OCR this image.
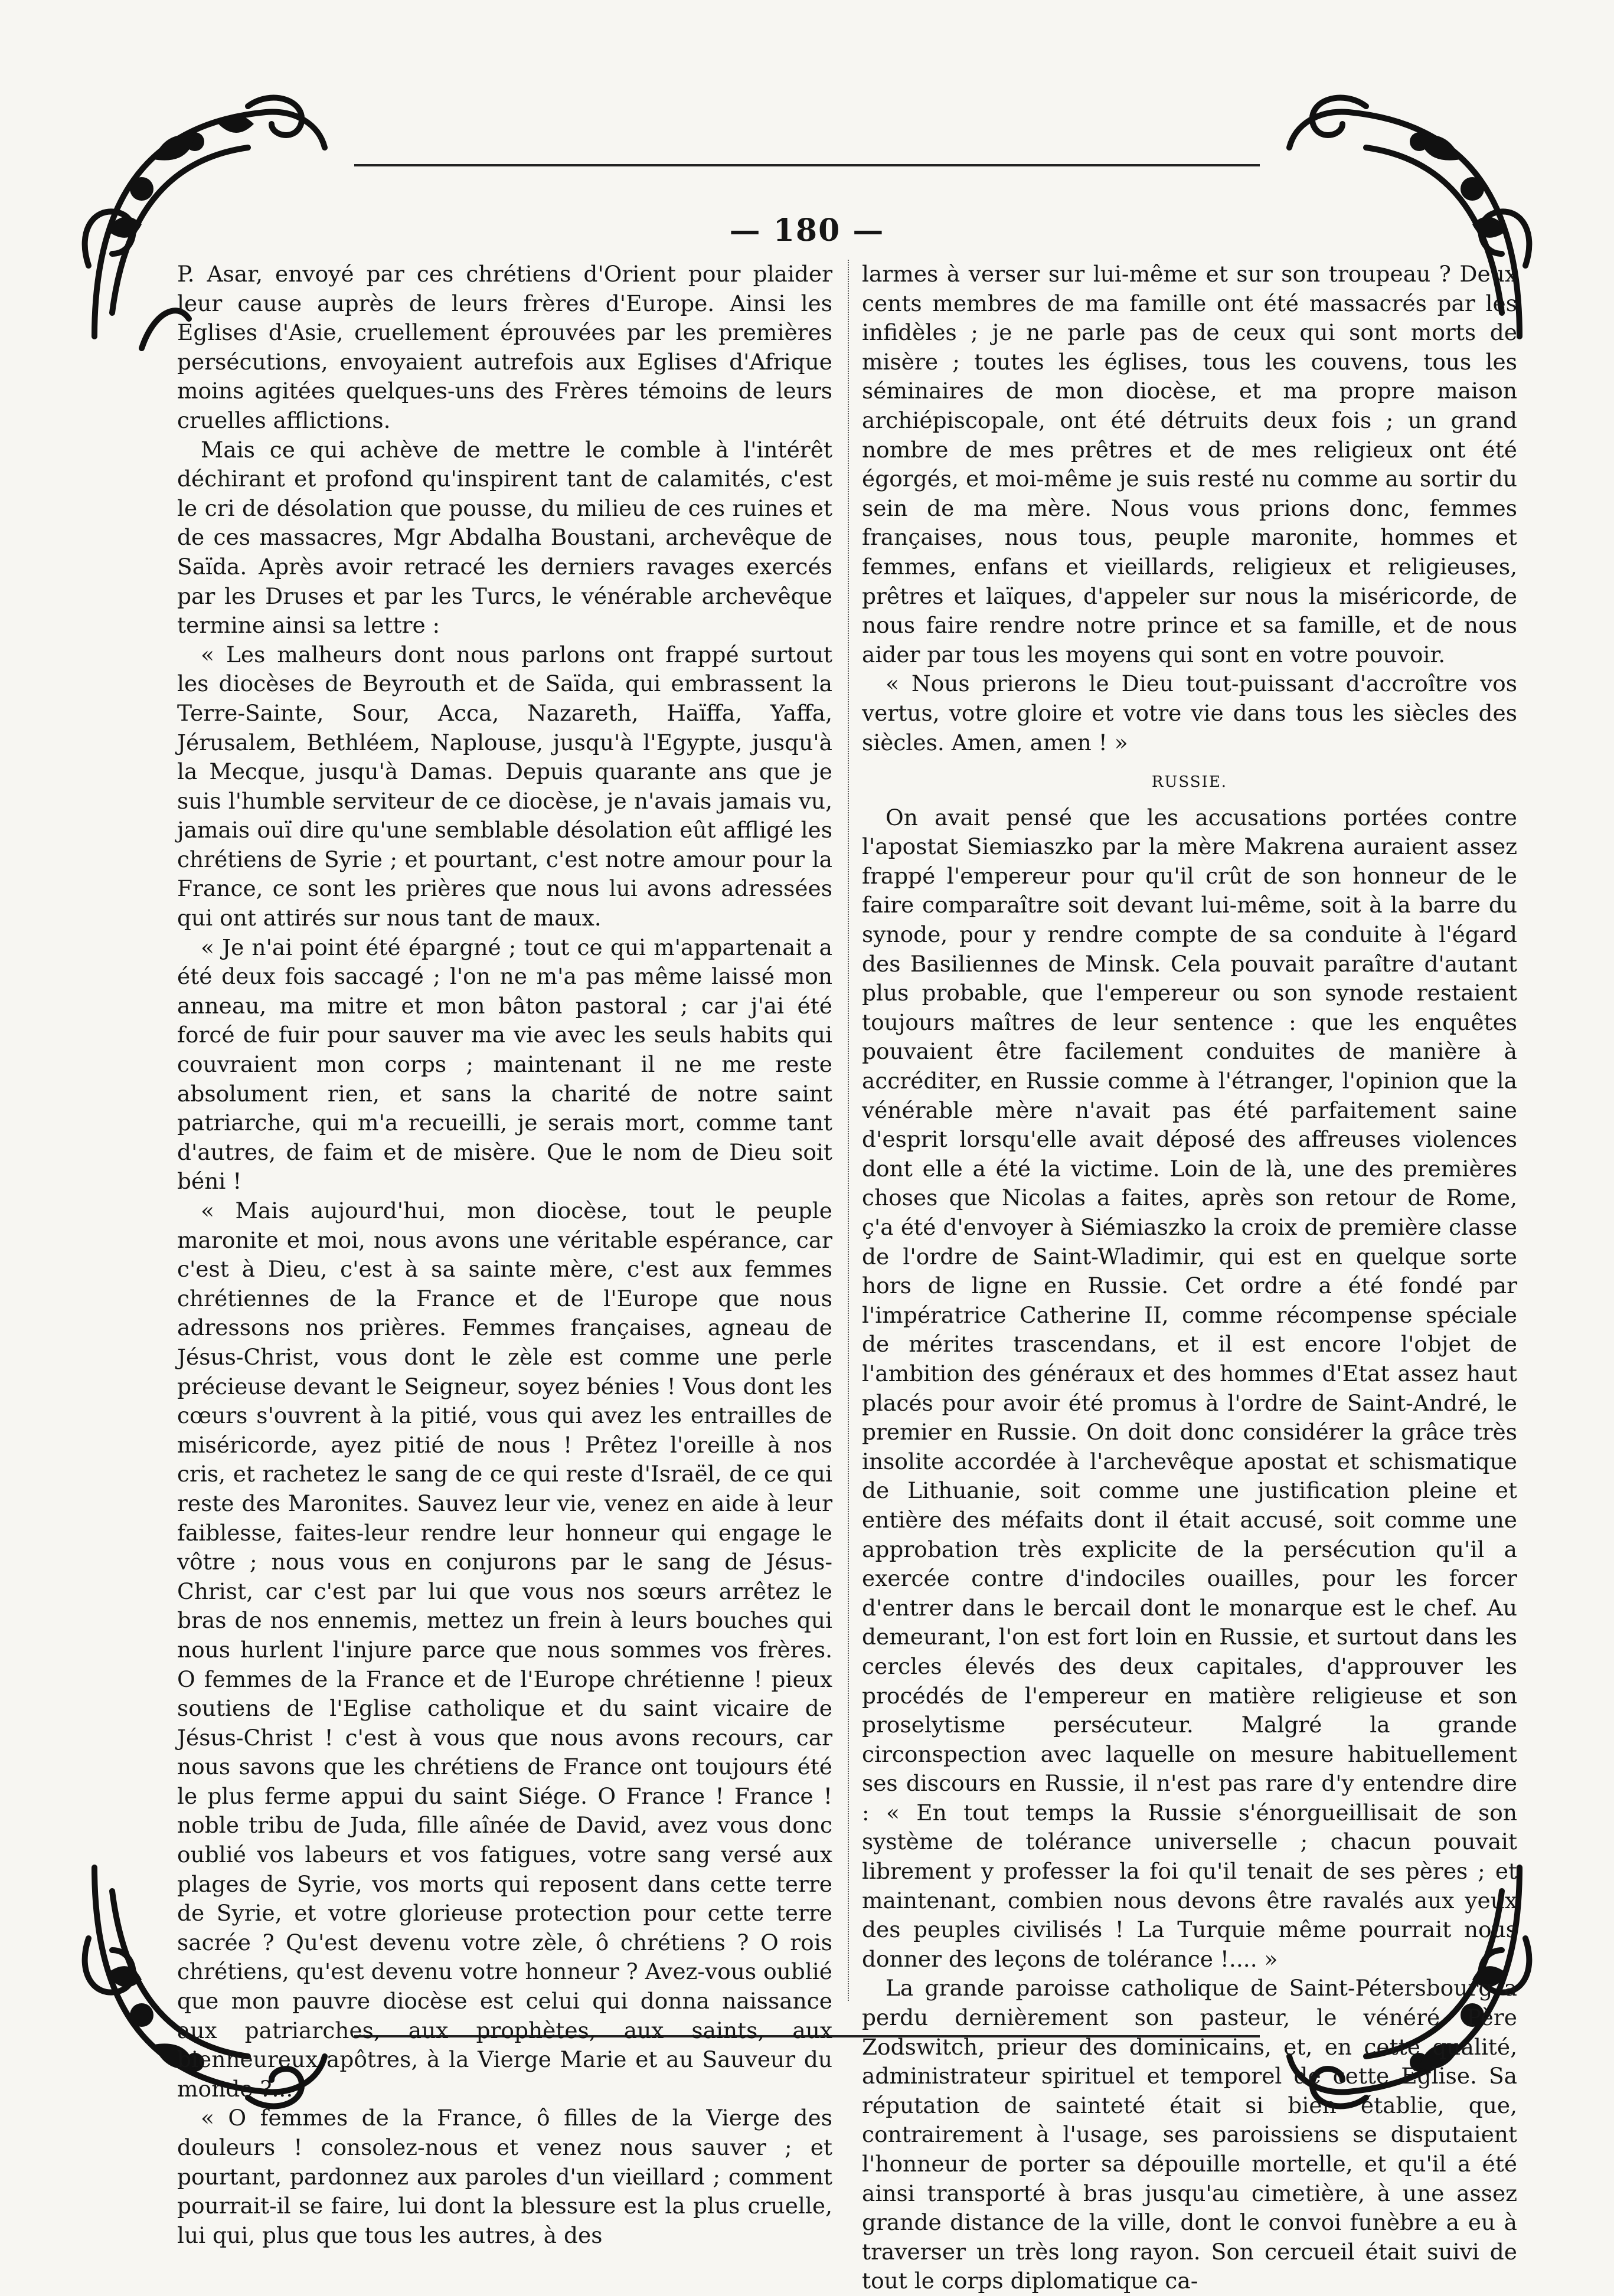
— 180 —

P. Asar, envoyé par ces chrétiens d'Orient pour plaider leur cause auprès de leurs frères d'Europe. Ainsi les Eglises d'Asie, cruellement éprouvées par les premières persécutions, envoyaient autrefois aux Eglises d'Afrique moins agitées quelques-uns des Frères témoins de leurs cruelles afflictions.

Mais ce qui achève de mettre le comble à l'intérêt déchirant et profond qu'inspirent tant de calamités, c'est le cri de désolation que pousse, du milieu de ces ruines et de ces massacres, Mgr Abdalha Boustani, archevêque de Saïda. Après avoir retracé les derniers ravages exercés par les Druses et par les Turcs, le vénérable archevêque termine ainsi sa lettre :

« Les malheurs dont nous parlons ont frappé surtout les diocèses de Beyrouth et de Saïda, qui embrassent la Terre-Sainte, Sour, Acca, Nazareth, Haïffa, Yaffa, Jérusalem, Bethléem, Naplouse, jusqu'à l'Egypte, jusqu'à la Mecque, jusqu'à Damas. Depuis quarante ans que je suis l'humble serviteur de ce diocèse, je n'avais jamais vu, jamais ouï dire qu'une semblable désolation eût affligé les chrétiens de Syrie ; et pourtant, c'est notre amour pour la France, ce sont les prières que nous lui avons adressées qui ont attirés sur nous tant de maux.

« Je n'ai point été épargné ; tout ce qui m'appartenait a été deux fois saccagé ; l'on ne m'a pas même laissé mon anneau, ma mitre et mon bâton pastoral ; car j'ai été forcé de fuir pour sauver ma vie avec les seuls habits qui couvraient mon corps ; maintenant il ne me reste absolument rien, et sans la charité de notre saint patriarche, qui m'a recueilli, je serais mort, comme tant d'autres, de faim et de misère. Que le nom de Dieu soit béni !

« Mais aujourd'hui, mon diocèse, tout le peuple maronite et moi, nous avons une véritable espérance, car c'est à Dieu, c'est à sa sainte mère, c'est aux femmes chrétiennes de la France et de l'Europe que nous adressons nos prières. Femmes françaises, agneau de Jésus-Christ, vous dont le zèle est comme une perle précieuse devant le Seigneur, soyez bénies ! Vous dont les cœurs s'ouvrent à la pitié, vous qui avez les entrailles de miséricorde, ayez pitié de nous ! Prêtez l'oreille à nos cris, et rachetez le sang de ce qui reste d'Israël, de ce qui reste des Maronites. Sauvez leur vie, venez en aide à leur faiblesse, faites-leur rendre leur honneur qui engage le vôtre ; nous vous en conjurons par le sang de Jésus-Christ, car c'est par lui que vous nos sœurs arrêtez le bras de nos ennemis, mettez un frein à leurs bouches qui nous hurlent l'injure parce que nous sommes vos frères. O femmes de la France et de l'Europe chrétienne ! pieux soutiens de l'Eglise catholique et du saint vicaire de Jésus-Christ ! c'est à vous que nous avons recours, car nous savons que les chrétiens de France ont toujours été le plus ferme appui du saint Siége. O France ! France ! noble tribu de Juda, fille aînée de David, avez vous donc oublié vos labeurs et vos fatigues, votre sang versé aux plages de Syrie, vos morts qui reposent dans cette terre de Syrie, et votre glorieuse protection pour cette terre sacrée ? Qu'est devenu votre zèle, ô chrétiens ? O rois chrétiens, qu'est devenu votre honneur ? Avez-vous oublié que mon pauvre diocèse est celui qui donna naissance aux patriarches, aux prophètes, aux saints, aux bienheureux apôtres, à la Vierge Marie et au Sauveur du monde ?....

« O femmes de la France, ô filles de la Vierge des douleurs ! consolez-nous et venez nous sauver ; et pourtant, pardonnez aux paroles d'un vieillard ; comment pourrait-il se faire, lui dont la blessure est la plus cruelle, lui qui, plus que tous les autres, à des

larmes à verser sur lui-même et sur son troupeau ? Deux cents membres de ma famille ont été massacrés par les infidèles ; je ne parle pas de ceux qui sont morts de misère ; toutes les églises, tous les couvens, tous les séminaires de mon diocèse, et ma propre maison archiépiscopale, ont été détruits deux fois ; un grand nombre de mes prêtres et de mes religieux ont été égorgés, et moi-même je suis resté nu comme au sortir du sein de ma mère. Nous vous prions donc, femmes françaises, nous tous, peuple maronite, hommes et femmes, enfans et vieillards, religieux et religieuses, prêtres et laïques, d'appeler sur nous la miséricorde, de nous faire rendre notre prince et sa famille, et de nous aider par tous les moyens qui sont en votre pouvoir.

« Nous prierons le Dieu tout-puissant d'accroître vos vertus, votre gloire et votre vie dans tous les siècles des siècles. Amen, amen ! »

RUSSIE.

On avait pensé que les accusations portées contre l'apostat Siemiaszko par la mère Makrena auraient assez frappé l'empereur pour qu'il crût de son honneur de le faire comparaître soit devant lui-même, soit à la barre du synode, pour y rendre compte de sa conduite à l'égard des Basiliennes de Minsk. Cela pouvait paraître d'autant plus probable, que l'empereur ou son synode restaient toujours maîtres de leur sentence : que les enquêtes pouvaient être facilement conduites de manière à accréditer, en Russie comme à l'étranger, l'opinion que la vénérable mère n'avait pas été parfaitement saine d'esprit lorsqu'elle avait déposé des affreuses violences dont elle a été la victime. Loin de là, une des premières choses que Nicolas a faites, après son retour de Rome, ç'a été d'envoyer à Siémiaszko la croix de première classe de l'ordre de Saint-Wladimir, qui est en quelque sorte hors de ligne en Russie. Cet ordre a été fondé par l'impératrice Catherine II, comme récompense spéciale de mérites trascendans, et il est encore l'objet de l'ambition des généraux et des hommes d'Etat assez haut placés pour avoir été promus à l'ordre de Saint-André, le premier en Russie. On doit donc considérer la grâce très insolite accordée à l'archevêque apostat et schismatique de Lithuanie, soit comme une justification pleine et entière des méfaits dont il était accusé, soit comme une approbation très explicite de la persécution qu'il a exercée contre d'indociles ouailles, pour les forcer d'entrer dans le bercail dont le monarque est le chef. Au demeurant, l'on est fort loin en Russie, et surtout dans les cercles élevés des deux capitales, d'approuver les procédés de l'empereur en matière religieuse et son proselytisme persécuteur. Malgré la grande circonspection avec laquelle on mesure habituellement ses discours en Russie, il n'est pas rare d'y entendre dire : « En tout temps la Russie s'énorgueillisait de son système de tolérance universelle ; chacun pouvait librement y professer la foi qu'il tenait de ses pères ; et maintenant, combien nous devons être ravalés aux yeux des peuples civilisés ! La Turquie même pourrait nous donner des leçons de tolérance !.... »

La grande paroisse catholique de Saint-Pétersbourg a perdu dernièrement son pasteur, le vénéré Père Zodswitch, prieur des dominicains, et, en cette qualité, administrateur spirituel et temporel de cette Eglise. Sa réputation de sainteté était si bien établie, que, contrairement à l'usage, ses paroissiens se disputaient l'honneur de porter sa dépouille mortelle, et qu'il a été ainsi transporté à bras jusqu'au cimetière, à une assez grande distance de la ville, dont le convoi funèbre a eu à traverser un très long rayon. Son cercueil était suivi de tout le corps diplomatique ca-
